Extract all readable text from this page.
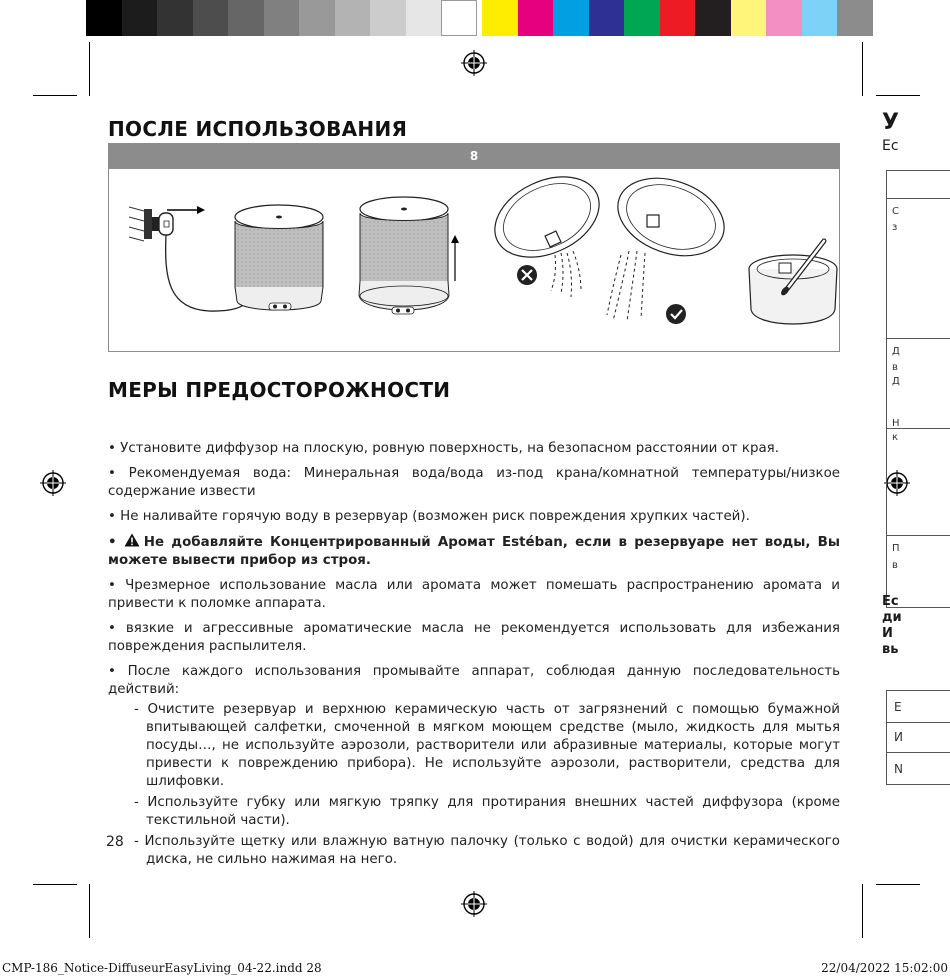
ПОСЛЕ ИСПОЛЬЗОВАНИЯ
8
МЕРЫ ПРЕДОСТОРОЖНОСТИ

• Установите диффузор на плоскую, ровную поверхность, на безопасном расстоянии от края.

• Рекомендуемая вода: Минеральная вода/вода из-под крана/комнатной температуры/низкое содержание извести

• Не наливайте горячую воду в резервуар (возможен риск повреждения хрупких частей).

• Не добавляйте Концентрированный Аромат Estéban, если в резервуаре нет воды, Вы можете вывести прибор из строя.

• Чрезмерное использование масла или аромата может помешать распространению аромата и привести к поломке аппарата.

• вязкие и агрессивные ароматические масла не рекомендуется использовать для избежания повреждения распылителя.

• После каждого использования промывайте аппарат, соблюдая данную последовательность действий:

- Очистите резервуар и верхнюю керамическую часть от загрязнений с помощью бумажной впитывающей салфетки, смоченной в мягком моющем средстве (мыло, жидкость для мытья посуды…, не используйте аэрозоли, растворители или абразивные материалы, которые могут привести к повреждению прибора). Не используйте аэрозоли, растворители, средства для шлифовки.
- Используйте губку или мягкую тряпку для протирания внешних частей диффузора (кроме текстильной части).
- Используйте щетку или влажную ватную палочку (только с водой) для очистки керамического диска, не сильно нажимая на него.
28
CMP-186_Notice-DiffuseurEasyLiving_04-22.indd 28	22/04/2022 15:02:00
У
Ес
С
з
Д
в
Д
Н
к
П
в
Ес
ди
И
вь
Е
И
N
